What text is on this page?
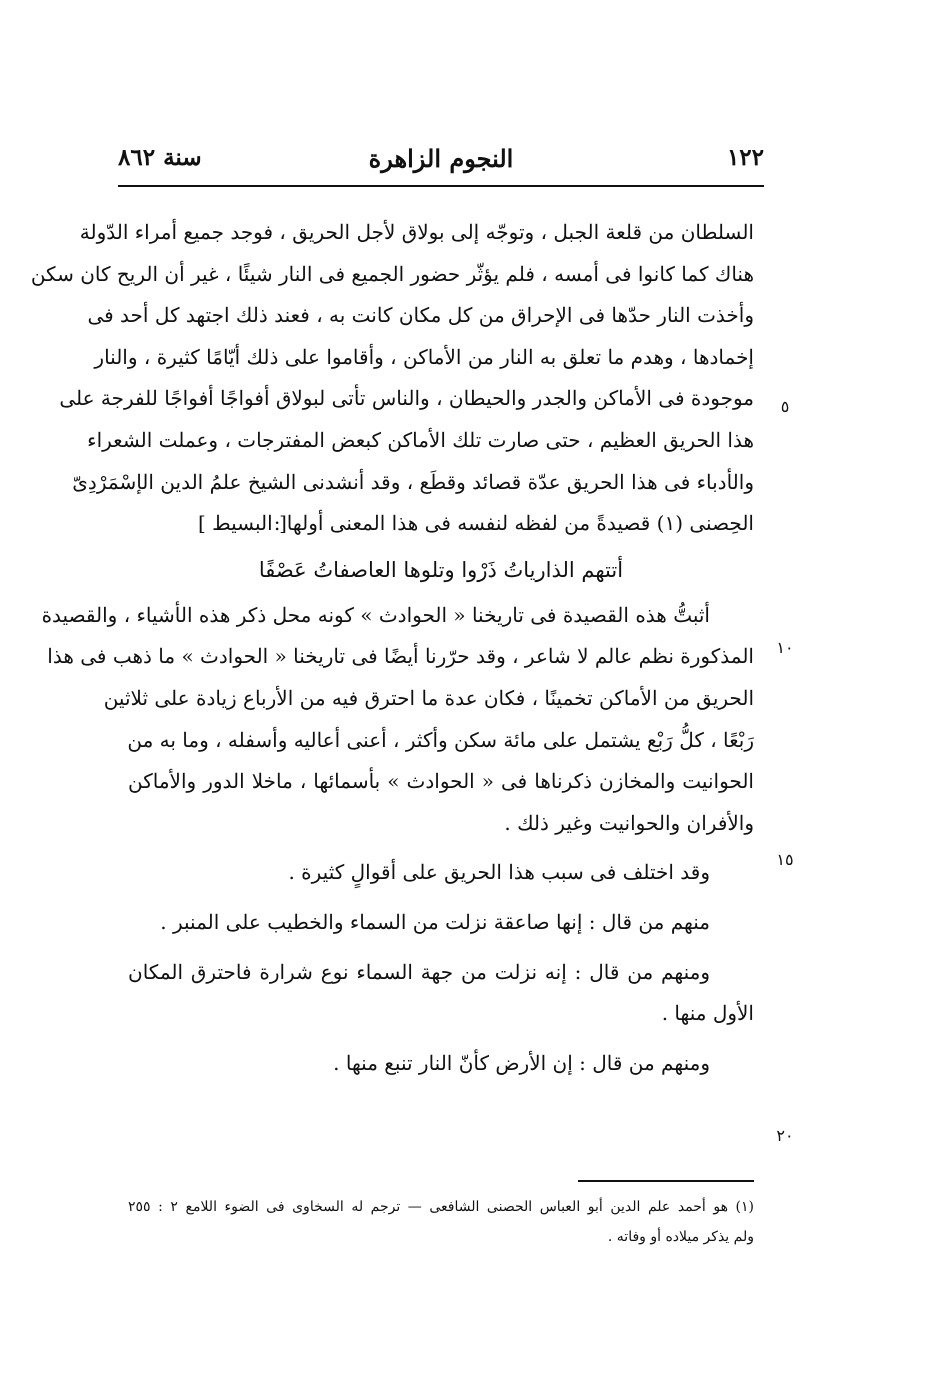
سنة ٨٦٢	النجوم الزاهرة	١٢٢
٥
١٠
١٥
٢٠
السلطان من قلعة الجبل ، وتوجّه إلى بولاق لأجل الحريق ، فوجد جميع أمراء الدّولة
هناك كما كانوا فى أمسه ، فلم يؤثّر حضور الجميع فى النار شيئًا ، غير أن الريح كان سكن
وأخذت النار حدّها فى الإحراق من كل مكان كانت به ، فعند ذلك اجتهد كل أحد فى
إخمادها ، وهدم ما تعلق به النار من الأماكن ، وأقاموا على ذلك أيّامًا كثيرة ، والنار
موجودة فى الأماكن والجدر والحيطان ، والناس تأتى لبولاق أفواجًا أفواجًا للفرجة على
هذا الحريق العظيم ، حتى صارت تلك الأماكن كبعض المفترجات ، وعملت الشعراء
والأدباء فى هذا الحريق عدّة قصائد وقطَع ، وقد أنشدنى الشيخ علمُ الدين الإسْمَرْدِىّ
الحِصنى (١) قصيدةً من لفظه لنفسه فى هذا المعنى أولها :
[ البسيط ]
أتتهم الذارياتُ ذَرْوا وتلوها العاصفاتُ عَصْفًا
أثبتُّ هذه القصيدة فى تاريخنا « الحوادث » كونه محل ذكر هذه الأشياء ، والقصيدة
المذكورة نظم عالم لا شاعر ، وقد حرّرنا أيضًا فى تاريخنا « الحوادث » ما ذهب فى هذا
الحريق من الأماكن تخمينًا ، فكان عدة ما احترق فيه من الأرباع زيادة على ثلاثين
رَبْعًا ، كلُّ رَبْع يشتمل على مائة سكن وأكثر ، أعنى أعاليه وأسفله ، وما به من
الحوانيت والمخازن ذكرناها فى « الحوادث » بأسمائها ، ماخلا الدور والأماكن
والأفران والحوانيت وغير ذلك .
وقد اختلف فى سبب هذا الحريق على أقوالٍ كثيرة .
منهم من قال : إنها صاعقة نزلت من السماء والخطيب على المنبر .
ومنهم من قال : إنه نزلت من جهة السماء نوع شرارة فاحترق المكان
الأول منها .
ومنهم من قال : إن الأرض كأنّ النار تنبع منها .
(١) هو أحمد علم الدين أبو العباس الحصنى الشافعى — ترجم له السخاوى فى الضوء اللامع ٢ : ٢٥٥
ولم يذكر ميلاده أو وفاته .
